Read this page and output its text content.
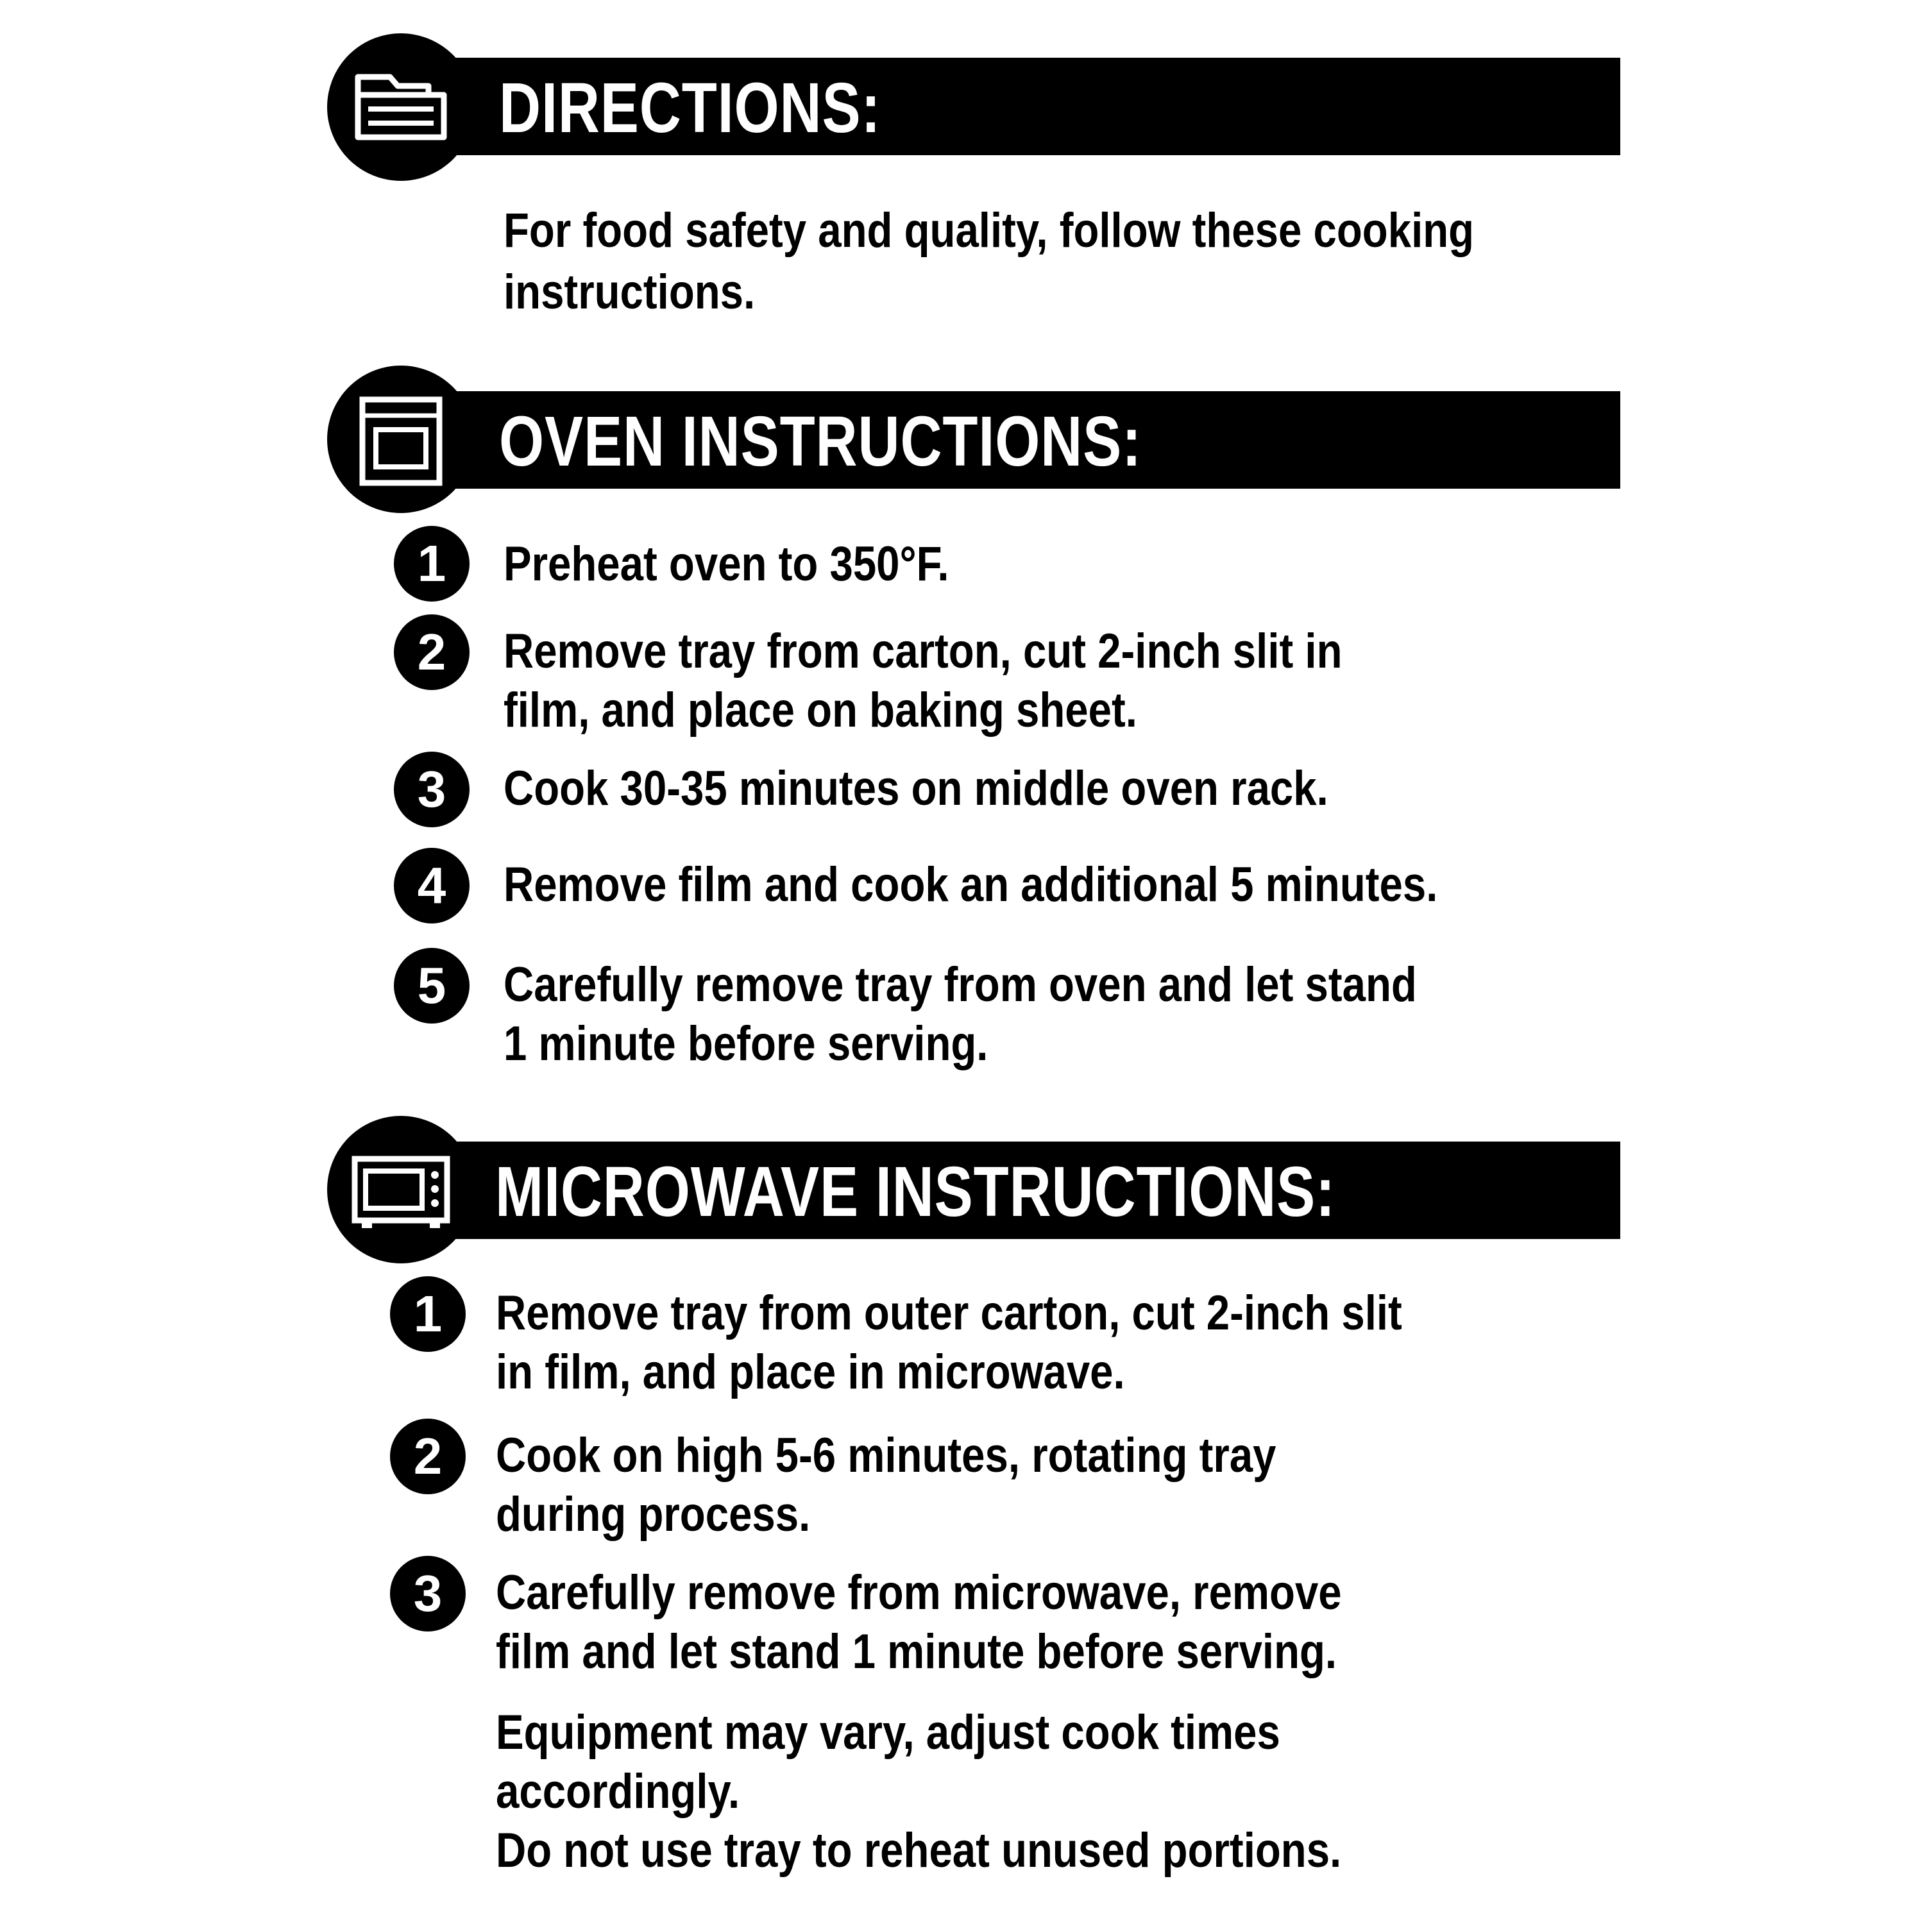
DIRECTIONS:
For food safety and quality, follow these cooking
instructions.
OVEN INSTRUCTIONS:
1	Preheat oven to 350°F.
2	Remove tray from carton, cut 2-inch slit in
film, and place on baking sheet.
3	Cook 30-35 minutes on middle oven rack.
4	Remove film and cook an additional 5 minutes.
5	Carefully remove tray from oven and let stand
1 minute before serving.
MICROWAVE INSTRUCTIONS:
1	Remove tray from outer carton, cut 2-inch slit
in film, and place in microwave.
2	Cook on high 5-6 minutes, rotating tray
during process.
3	Carefully remove from microwave, remove
film and let stand 1 minute before serving.
Equipment may vary, adjust cook times
accordingly.
Do not use tray to reheat unused portions.
